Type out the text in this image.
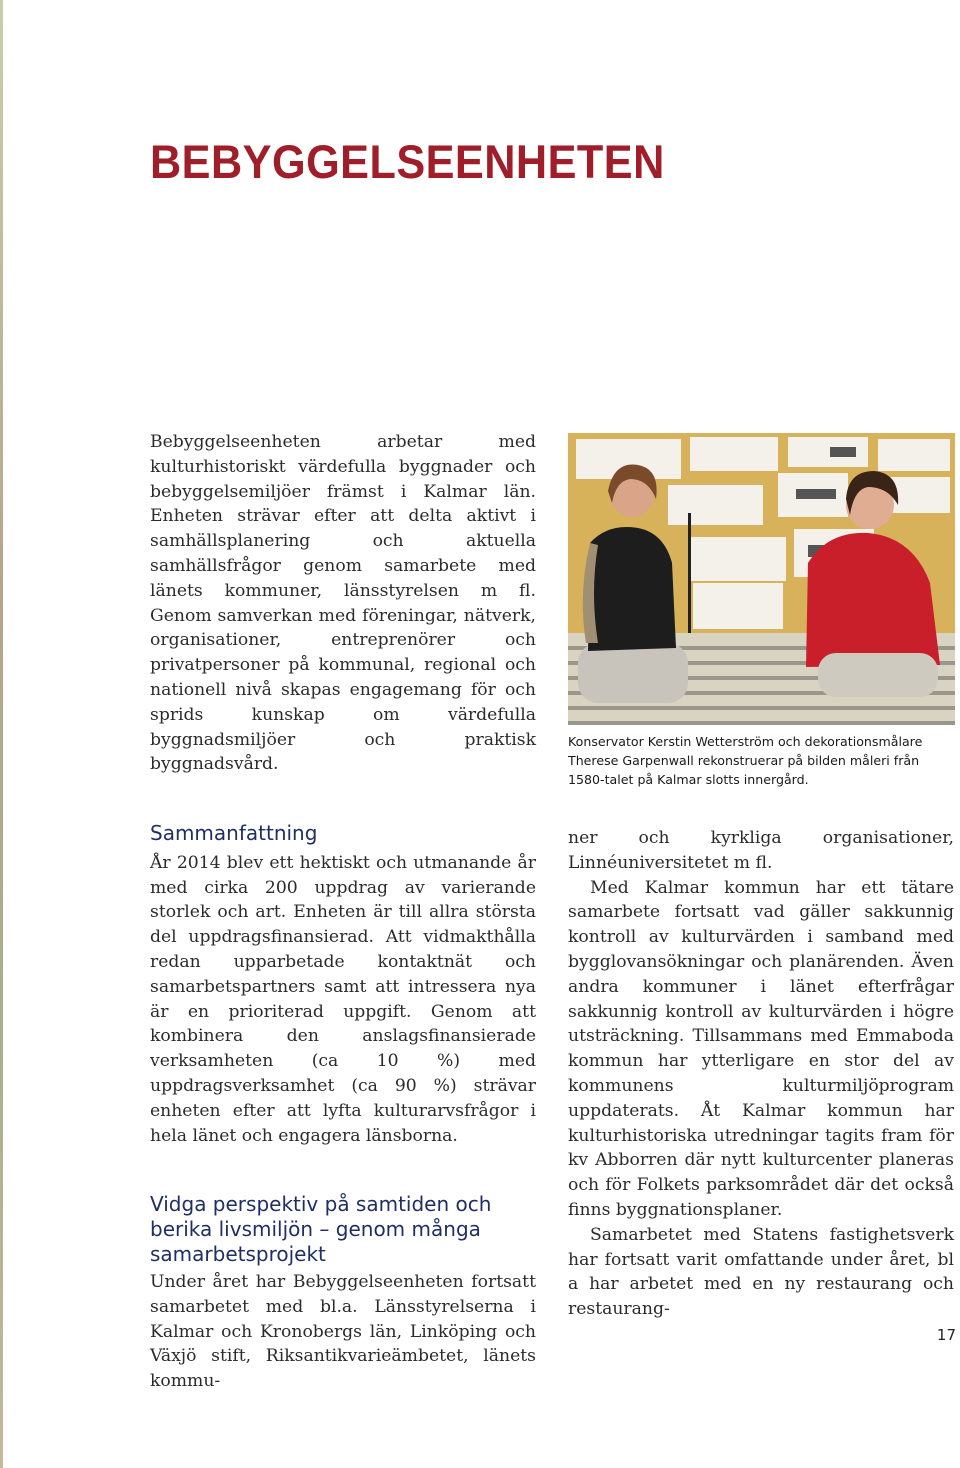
BEBYGGELSEENHETEN

Bebyggelseenheten arbetar med kulturhistoriskt värdefulla byggnader och bebyggelsemiljöer främst i Kalmar län. Enheten strävar efter att delta aktivt i samhällsplanering och aktuella samhällsfrågor genom samarbete med länets kommuner, länsstyrelsen m fl. Genom samverkan med föreningar, nätverk, organisationer, entreprenörer och privatpersoner på kommunal, regional och nationell nivå skapas engagemang för och sprids kunskap om värdefulla byggnadsmiljöer och praktisk byggnadsvård.

Sammanfattning

År 2014 blev ett hektiskt och utmanande år med cirka 200 uppdrag av varierande storlek och art. Enheten är till allra största del uppdragsfinansierad. Att vidmakthålla redan upparbetade kontaktnät och samarbetspartners samt att intressera nya är en prioriterad uppgift. Genom att kombinera den anslagsfinansierade verksamheten (ca 10 %) med uppdragsverksamhet (ca 90 %) strävar enheten efter att lyfta kulturarvsfrågor i hela länet och engagera länsborna.

Vidga perspektiv på samtiden och berika livsmiljön – genom många samarbetsprojekt

Under året har Bebyggelseenheten fortsatt samarbetet med bl.a. Länsstyrelserna i Kalmar och Kronobergs län, Linköping och Växjö stift, Riksantikvarieämbetet, länets kommu-

Konservator Kerstin Wetterström och dekorationsmålare Therese Garpenwall rekonstruerar på bilden måleri från 1580-talet på Kalmar slotts innergård.

ner och kyrkliga organisationer, Linnéuniversitetet m fl.

Med Kalmar kommun har ett tätare samarbete fortsatt vad gäller sakkunnig kontroll av kulturvärden i samband med bygglovansökningar och planärenden. Även andra kommuner i länet efterfrågar sakkunnig kontroll av kulturvärden i högre utsträckning. Tillsammans med Emmaboda kommun har ytterligare en stor del av kommunens kulturmiljöprogram uppdaterats. Åt Kalmar kommun har kulturhistoriska utredningar tagits fram för kv Abborren där nytt kulturcenter planeras och för Folkets parksområdet där det också finns byggnationsplaner.

Samarbetet med Statens fastighetsverk har fortsatt varit omfattande under året, bl a har arbetet med en ny restaurang och restaurang-

17
